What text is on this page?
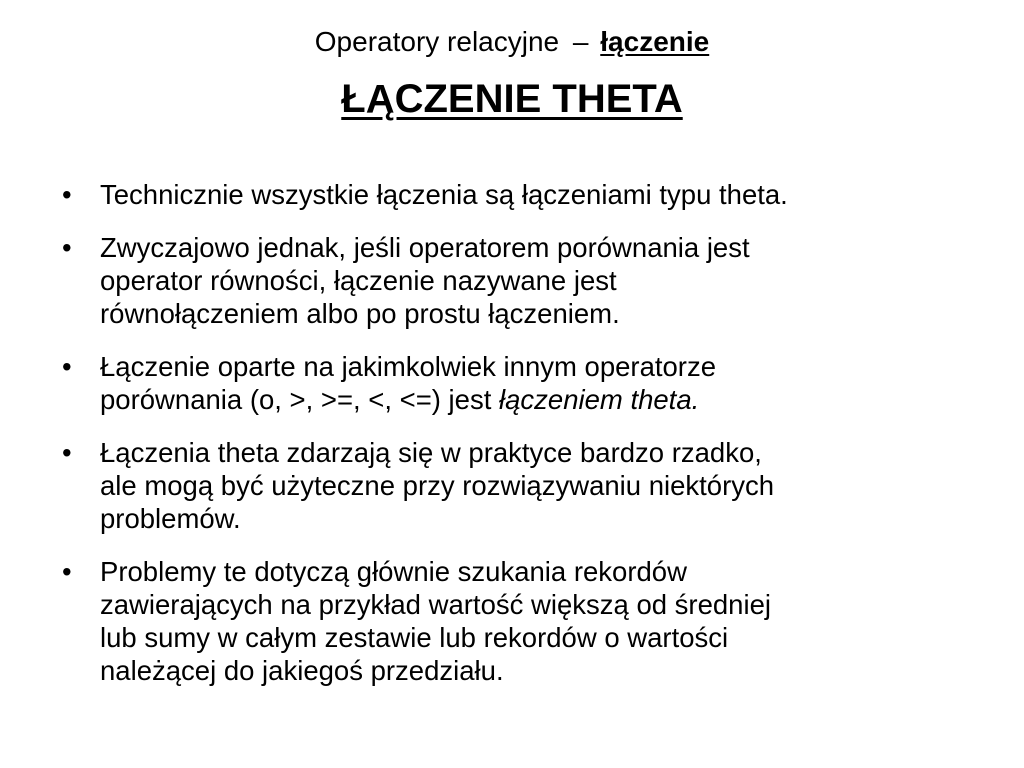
Operatory relacyjne – łączenie
ŁĄCZENIE THETA
• Technicznie wszystkie łączenia są łączeniami typu theta.
• Zwyczajowo jednak, jeśli operatorem porównania jest
operator równości, łączenie nazywane jest
równołączeniem albo po prostu łączeniem.
• Łączenie oparte na jakimkolwiek innym operatorze
porównania (o, >, >=, <, <=) jest łączeniem theta.
• Łączenia theta zdarzają się w praktyce bardzo rzadko,
ale mogą być użyteczne przy rozwiązywaniu niektórych
problemów.
• Problemy te dotyczą głównie szukania rekordów
zawierających na przykład wartość większą od średniej
lub sumy w całym zestawie lub rekordów o wartości
należącej do jakiegoś przedziału.
